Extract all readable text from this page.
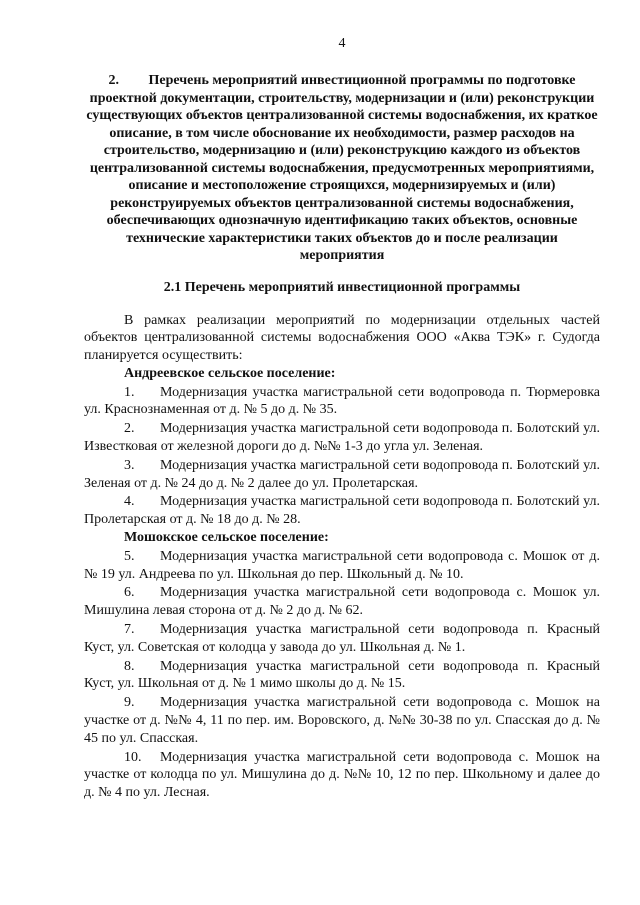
4
2. Перечень мероприятий инвестиционной программы по подготовке проектной документации, строительству, модернизации и (или) реконструкции существующих объектов централизованной системы водоснабжения, их краткое описание, в том числе обоснование их необходимости, размер расходов на строительство, модернизацию и (или) реконструкцию каждого из объектов централизованной системы водоснабжения, предусмотренных мероприятиями, описание и местоположение строящихся, модернизируемых и (или) реконструируемых объектов централизованной системы водоснабжения, обеспечивающих однозначную идентификацию таких объектов, основные технические характеристики таких объектов до и после реализации мероприятия
2.1 Перечень мероприятий инвестиционной программы

В рамках реализации мероприятий по модернизации отдельных частей объектов централизованной системы водоснабжения ООО «Аква ТЭК» г. Судогда планируется осуществить:

Андреевское сельское поселение:

1. Модернизация участка магистральной сети водопровода п. Тюрмеровка ул. Краснознаменная от д. № 5 до д. № 35.

2. Модернизация участка магистральной сети водопровода п. Болотский ул. Известковая от железной дороги до д. №№ 1-3 до угла ул. Зеленая.

3. Модернизация участка магистральной сети водопровода п. Болотский ул. Зеленая от д. № 24 до д. № 2 далее до ул. Пролетарская.

4. Модернизация участка магистральной сети водопровода п. Болотский ул. Пролетарская от д. № 18 до д. № 28.

Мошокское сельское поселение:

5. Модернизация участка магистральной сети водопровода с. Мошок от д. № 19 ул. Андреева по ул. Школьная до пер. Школьный д. № 10.

6. Модернизация участка магистральной сети водопровода с. Мошок ул. Мишулина левая сторона от д. № 2 до д. № 62.

7. Модернизация участка магистральной сети водопровода п. Красный Куст, ул. Советская от колодца у завода до ул. Школьная д. № 1.

8. Модернизация участка магистральной сети водопровода п. Красный Куст, ул. Школьная от д. № 1 мимо школы до д. № 15.

9. Модернизация участка магистральной сети водопровода с. Мошок на участке от д. №№ 4, 11 по пер. им. Воровского, д. №№ 30-38 по ул. Спасская до д. № 45 по ул. Спасская.

10. Модернизация участка магистральной сети водопровода с. Мошок на участке от колодца по ул. Мишулина до д. №№ 10, 12 по пер. Школьному и далее до д. № 4 по ул. Лесная.
